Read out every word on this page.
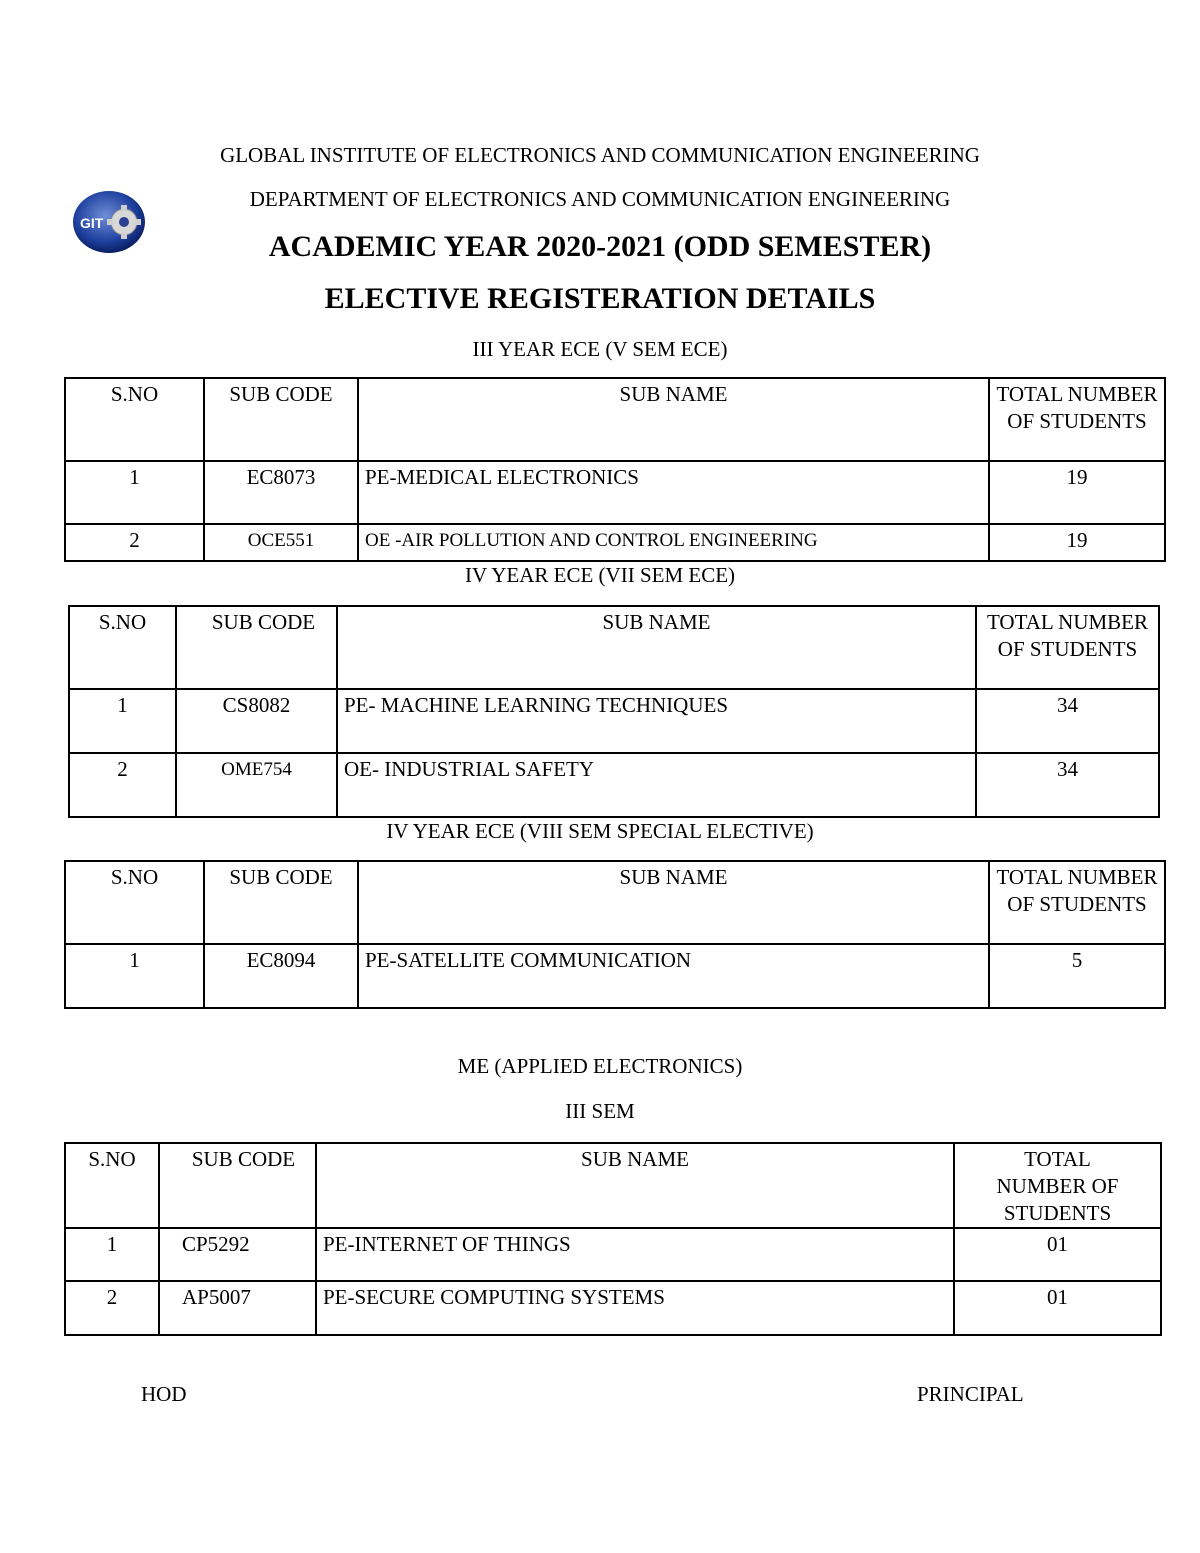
GLOBAL INSTITUTE OF ELECTRONICS AND COMMUNICATION ENGINEERING
GIT
DEPARTMENT OF ELECTRONICS AND COMMUNICATION ENGINEERING
ACADEMIC YEAR 2020-2021 (ODD SEMESTER)
ELECTIVE REGISTERATION DETAILS
III YEAR ECE (V SEM ECE)
S.NO	SUB CODE	SUB NAME	TOTAL NUMBER OF STUDENTS
1	EC8073	PE-MEDICAL ELECTRONICS	19
2	OCE551	OE -AIR POLLUTION AND CONTROL ENGINEERING	19
IV YEAR ECE (VII SEM ECE)
S.NO	SUB CODE	SUB NAME	TOTAL NUMBER OF STUDENTS
1	CS8082	PE- MACHINE LEARNING TECHNIQUES	34
2	OME754	OE- INDUSTRIAL SAFETY	34
IV YEAR ECE (VIII SEM SPECIAL ELECTIVE)
S.NO	SUB CODE	SUB NAME	TOTAL NUMBER OF STUDENTS
1	EC8094	PE-SATELLITE COMMUNICATION	5
ME (APPLIED ELECTRONICS)
III SEM
S.NO	SUB CODE	SUB NAME	TOTAL NUMBER OF STUDENTS
1	CP5292	PE-INTERNET OF THINGS	01
2	AP5007	PE-SECURE COMPUTING SYSTEMS	01
HOD	PRINCIPAL
